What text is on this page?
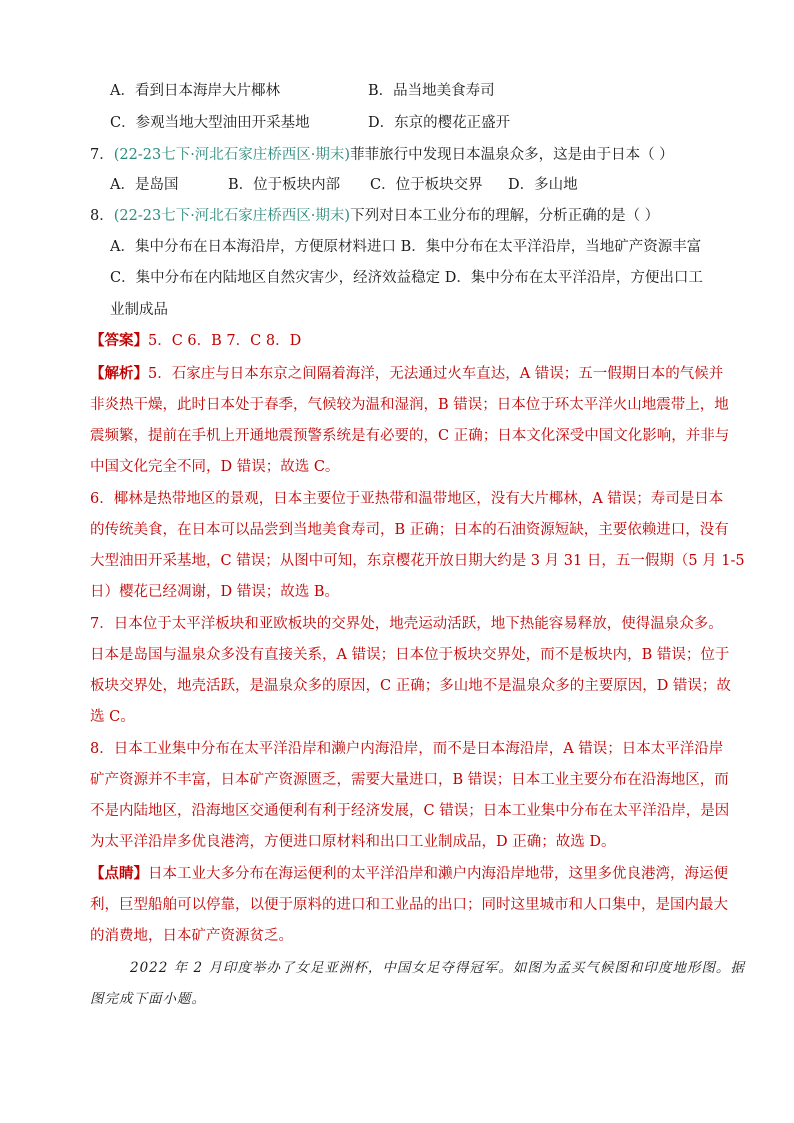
A．看到日本海岸大片椰林	B．品当地美食寿司
C．参观当地大型油田开采基地	D．东京的樱花正盛开
7．(22-23七下·河北石家庄桥西区·期末)菲菲旅行中发现日本温泉众多，这是由于日本（ ）
A．是岛国	B．位于板块内部 C．位于板块交界 D．多山地
8．(22-23七下·河北石家庄桥西区·期末)下列对日本工业分布的理解，分析正确的是（ ）
A．集中分布在日本海沿岸，方便原材料进口 B．集中分布在太平洋沿岸，当地矿产资源丰富
C．集中分布在内陆地区自然灾害少，经济效益稳定 D．集中分布在太平洋沿岸，方便出口工
业制成品
【答案】5．C 6．B 7．C 8．D
【解析】5．石家庄与日本东京之间隔着海洋，无法通过火车直达，A 错误；五一假期日本的气候并
非炎热干燥，此时日本处于春季，气候较为温和湿润，B 错误；日本位于环太平洋火山地震带上，地
震频繁，提前在手机上开通地震预警系统是有必要的，C 正确；日本文化深受中国文化影响，并非与
中国文化完全不同，D 错误；故选 C。
6．椰林是热带地区的景观，日本主要位于亚热带和温带地区，没有大片椰林，A 错误；寿司是日本
的传统美食，在日本可以品尝到当地美食寿司，B 正确；日本的石油资源短缺，主要依赖进口，没有
大型油田开采基地，C 错误；从图中可知，东京樱花开放日期大约是 3 月 31 日，五一假期（5 月 1-5
日）樱花已经凋谢，D 错误；故选 B。
7．日本位于太平洋板块和亚欧板块的交界处，地壳运动活跃，地下热能容易释放，使得温泉众多。
日本是岛国与温泉众多没有直接关系，A 错误；日本位于板块交界处，而不是板块内，B 错误；位于
板块交界处，地壳活跃，是温泉众多的原因，C 正确；多山地不是温泉众多的主要原因，D 错误；故
选 C。
8．日本工业集中分布在太平洋沿岸和濑户内海沿岸，而不是日本海沿岸，A 错误；日本太平洋沿岸
矿产资源并不丰富，日本矿产资源匮乏，需要大量进口，B 错误；日本工业主要分布在沿海地区，而
不是内陆地区，沿海地区交通便利有利于经济发展，C 错误；日本工业集中分布在太平洋沿岸，是因
为太平洋沿岸多优良港湾，方便进口原材料和出口工业制成品，D 正确；故选 D。
【点睛】日本工业大多分布在海运便利的太平洋沿岸和濑户内海沿岸地带，这里多优良港湾，海运便
利，巨型船舶可以停靠，以便于原料的进口和工业品的出口；同时这里城市和人口集中，是国内最大
的消费地，日本矿产资源贫乏。
2022 年 2 月印度举办了女足亚洲杯，中国女足夺得冠军。如图为孟买气候图和印度地形图。据
图完成下面小题。
